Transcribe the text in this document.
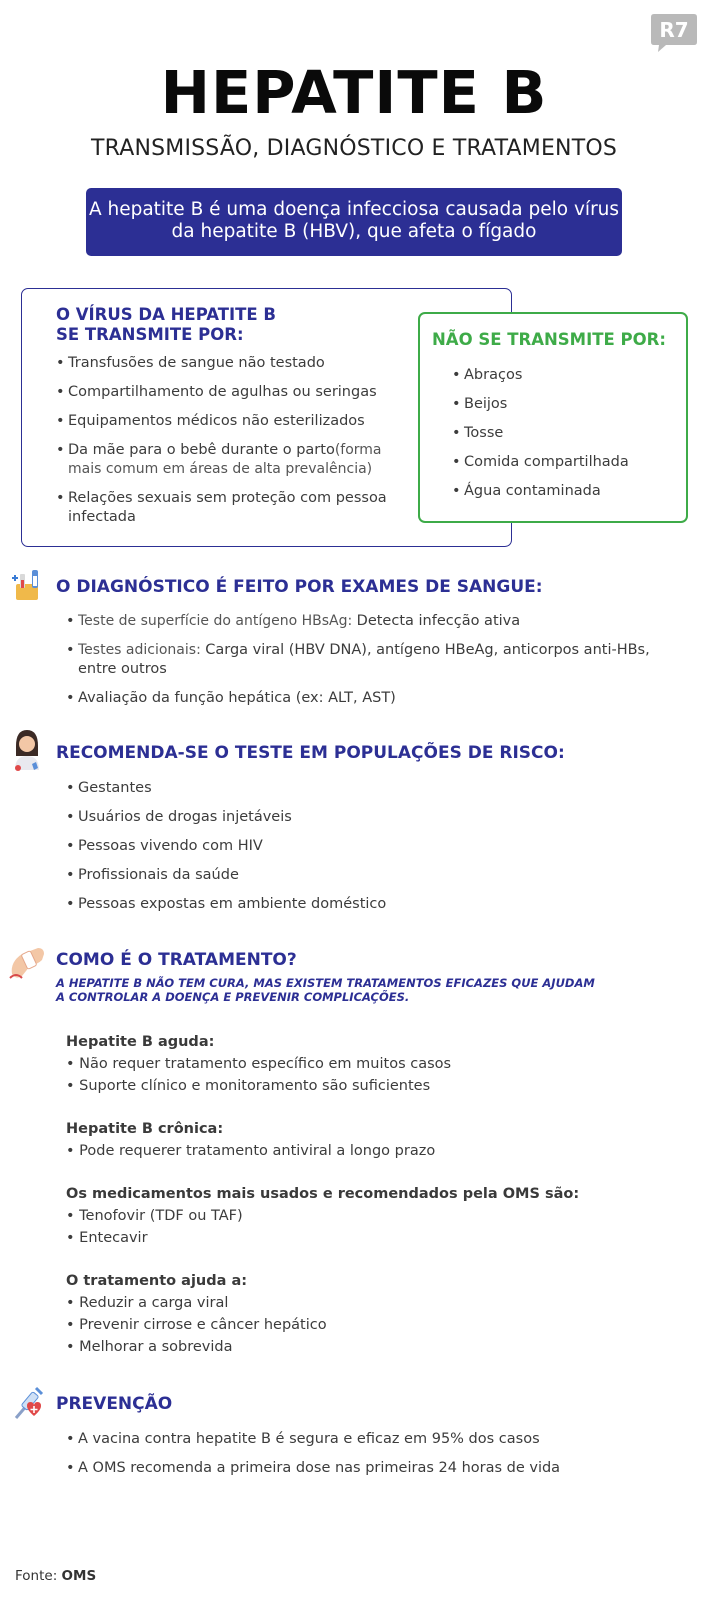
R7
HEPATITE B
TRANSMISSÃO, DIAGNÓSTICO E TRATAMENTOS
A hepatite B é uma doença infecciosa causada pelo vírus
da hepatite B (HBV), que afeta o fígado
O VÍRUS DA HEPATITE B
SE TRANSMITE POR:
• Transfusões de sangue não testado
• Compartilhamento de agulhas ou seringas
• Equipamentos médicos não esterilizados
• Da mãe para o bebê durante o parto(forma mais comum em áreas de alta prevalência)
• Relações sexuais sem proteção com pessoa infectada
NÃO SE TRANSMITE POR:
• Abraços
• Beijos
• Tosse
• Comida compartilhada
• Água contaminada
O DIAGNÓSTICO É FEITO POR EXAMES DE SANGUE:
• Teste de superfície do antígeno HBsAg: Detecta infecção ativa
• Testes adicionais: Carga viral (HBV DNA), antígeno HBeAg, anticorpos anti-HBs, entre outros
• Avaliação da função hepática (ex: ALT, AST)
RECOMENDA-SE O TESTE EM POPULAÇÕES DE RISCO:
• Gestantes
• Usuários de drogas injetáveis
• Pessoas vivendo com HIV
• Profissionais da saúde
• Pessoas expostas em ambiente doméstico
COMO É O TRATAMENTO?
A HEPATITE B NÃO TEM CURA, MAS EXISTEM TRATAMENTOS EFICAZES QUE AJUDAM
A CONTROLAR A DOENÇA E PREVENIR COMPLICAÇÕES.

Hepatite B aguda:

• Não requer tratamento específico em muitos casos

• Suporte clínico e monitoramento são suficientes

Hepatite B crônica:

• Pode requerer tratamento antiviral a longo prazo

Os medicamentos mais usados e recomendados pela OMS são:

• Tenofovir (TDF ou TAF)

• Entecavir

O tratamento ajuda a:

• Reduzir a carga viral

• Prevenir cirrose e câncer hepático

• Melhorar a sobrevida

PREVENÇÃO
• A vacina contra hepatite B é segura e eficaz em 95% dos casos
• A OMS recomenda a primeira dose nas primeiras 24 horas de vida
Fonte: OMS
